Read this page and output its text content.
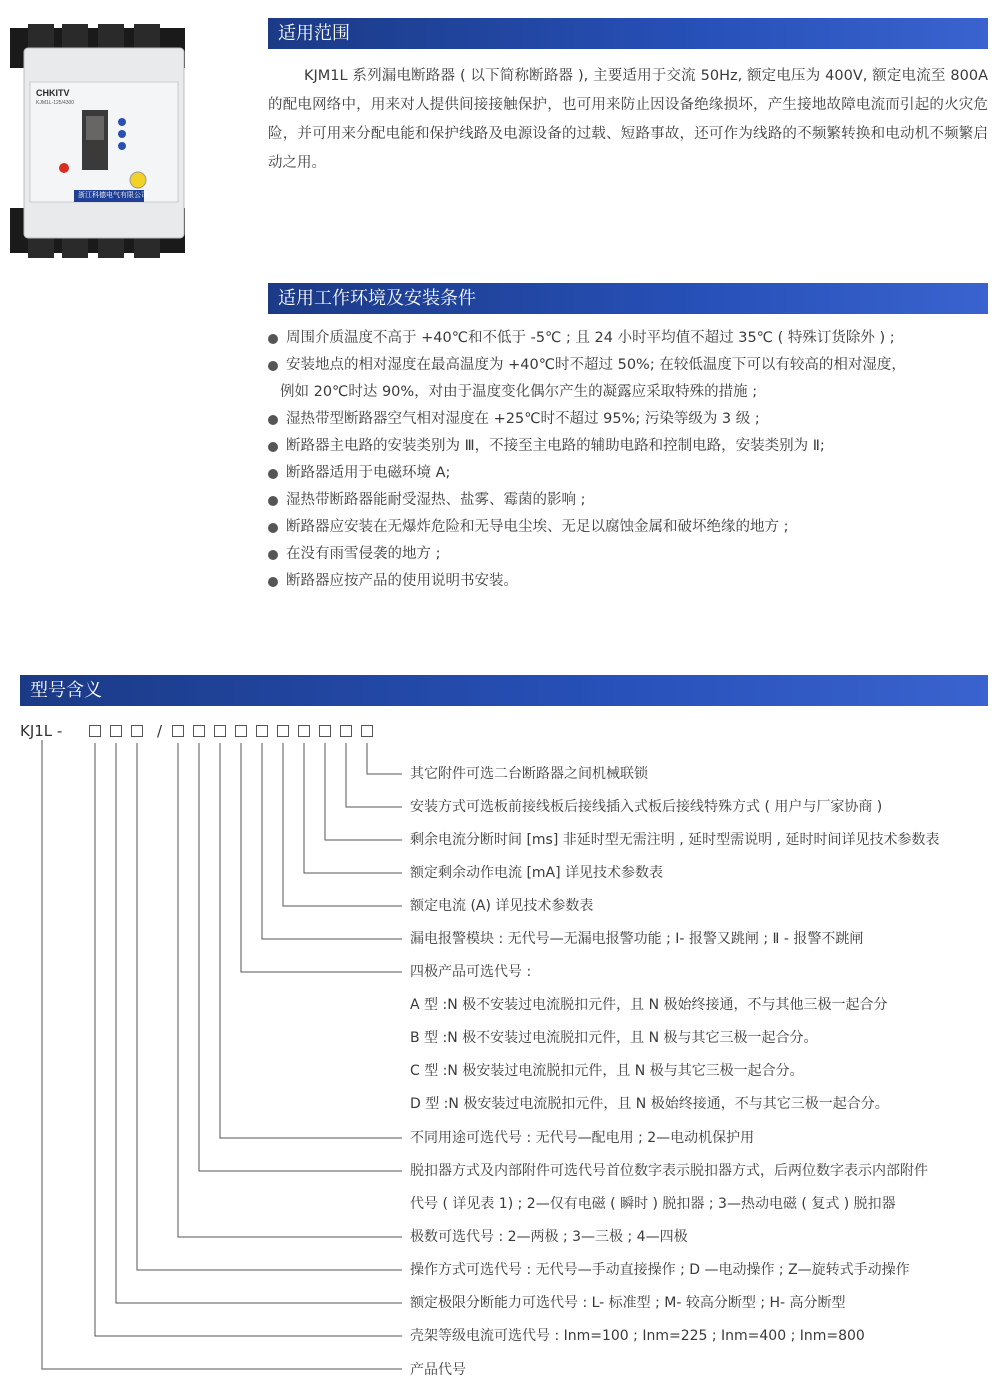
CHKITV
KJM1L-125/4300
浙江科德电气有限公司
适用范围
KJM1L 系列漏电断路器 ( 以下简称断路器 ), 主要适用于交流 50Hz, 额定电压为 400V, 额定电流至 800A 的配电网络中，用来对人提供间接接触保护，也可用来防止因设备绝缘损坏，产生接地故障电流而引起的火灾危险，并可用来分配电能和保护线路及电源设备的过载、短路事故，还可作为线路的不频繁转换和电动机不频繁启动之用。
适用工作环境及安装条件
周围介质温度不高于 +40℃和不低于 -5℃ ; 且 24 小时平均值不超过 35℃ ( 特殊订货除外 ) ;
安装地点的相对湿度在最高温度为 +40℃时不超过 50%; 在较低温度下可以有较高的相对湿度，
例如 20℃时达 90%，对由于温度变化偶尔产生的凝露应采取特殊的措施 ;
湿热带型断路器空气相对湿度在 +25℃时不超过 95%; 污染等级为 3 级 ;
断路器主电路的安装类别为 Ⅲ，不接至主电路的辅助电路和控制电路，安装类别为 Ⅱ;
断路器适用于电磁环境 A;
湿热带断路器能耐受湿热、盐雾、霉菌的影响 ;
断路器应安装在无爆炸危险和无导电尘埃、无足以腐蚀金属和破坏绝缘的地方 ;
在没有雨雪侵袭的地方 ;
断路器应按产品的使用说明书安装。
型号含义
KJ1L -	/
其它附件可选二台断路器之间机械联锁
安装方式可选板前接线板后接线插入式板后接线特殊方式 ( 用户与厂家协商 )
剩余电流分断时间 [ms] 非延时型无需注明 , 延时型需说明 , 延时时间详见技术参数表
额定剩余动作电流 [mA] 详见技术参数表
额定电流 (A) 详见技术参数表
漏电报警模块 : 无代号—无漏电报警功能 ; I- 报警又跳闸 ; Ⅱ - 报警不跳闸
四极产品可选代号 :
A 型 :N 极不安装过电流脱扣元件，且 N 极始终接通，不与其他三极一起合分
B 型 :N 极不安装过电流脱扣元件，且 N 极与其它三极一起合分。
C 型 :N 极安装过电流脱扣元件，且 N 极与其它三极一起合分。
D 型 :N 极安装过电流脱扣元件，且 N 极始终接通，不与其它三极一起合分。
不同用途可选代号 : 无代号—配电用 ; 2—电动机保护用
脱扣器方式及内部附件可选代号首位数字表示脱扣器方式，后两位数字表示内部附件
代号 ( 详见表 1) ; 2—仅有电磁 ( 瞬时 ) 脱扣器 ; 3—热动电磁 ( 复式 ) 脱扣器
极数可选代号 : 2—两极 ; 3—三极 ; 4—四极
操作方式可选代号 : 无代号—手动直接操作 ; D —电动操作 ; Z—旋转式手动操作
额定极限分断能力可选代号 : L- 标准型 ; M- 较高分断型 ; H- 高分断型
壳架等级电流可选代号 : Inm=100 ; Inm=225 ; Inm=400 ; Inm=800
产品代号
